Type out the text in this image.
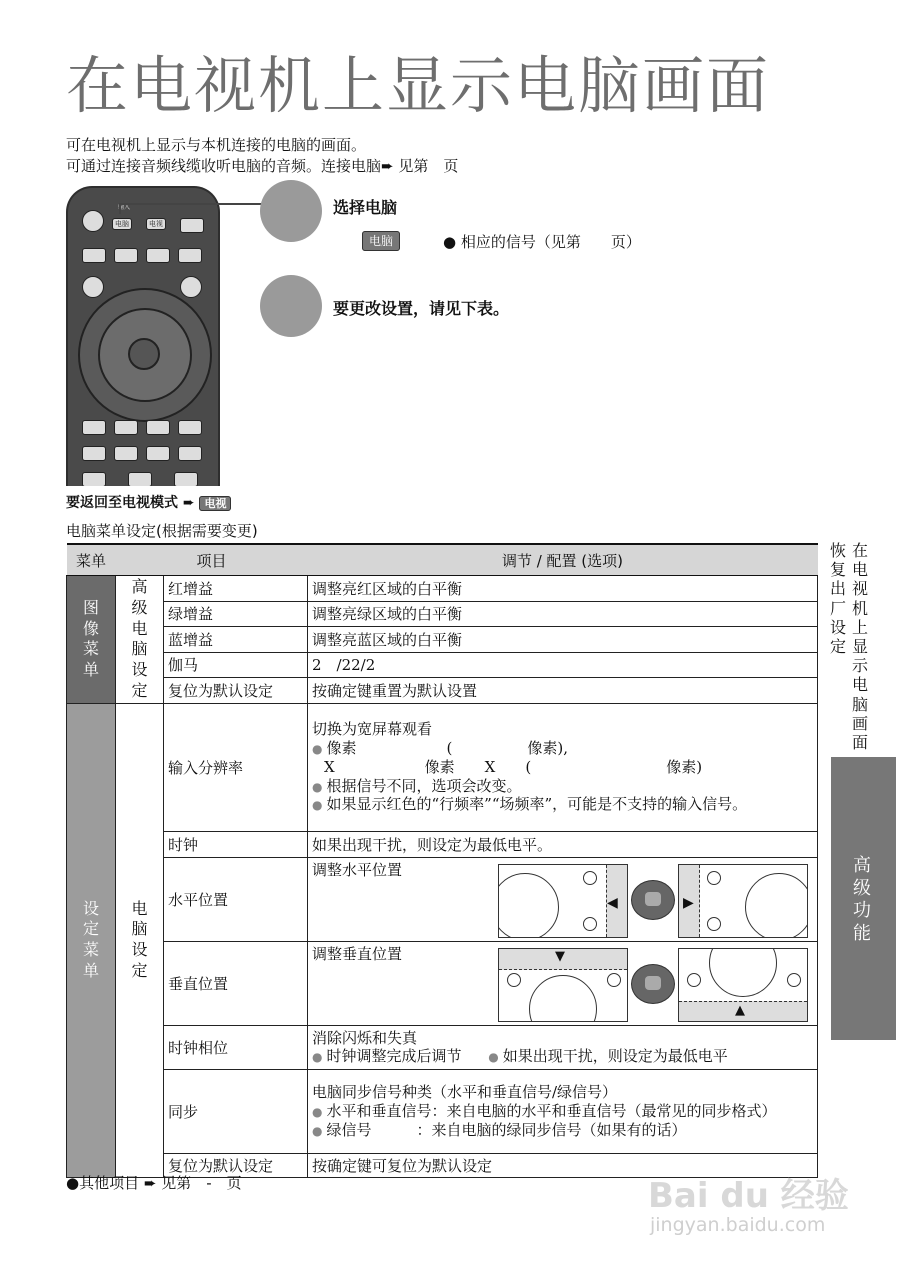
在电视机上显示电脑画面
可在电视机上显示与本机连接的电脑的画面。
可通过连接音频线缆收听电脑的音频。连接电脑➨ 见第　页
输入
电脑	电视
选择电脑
电脑	● 相应的信号（见第　　页）
要更改设置，请见下表。
要返回至电视模式 ➨ 电视
电脑菜单设定(根据需要变更)
菜单	项目		调节 / 配置 (选项)
图像菜单	高级电脑设定	红增益	调整亮红区域的白平衡
		绿增益	调整亮绿区域的白平衡
		蓝增益	调整亮蓝区域的白平衡
		伽马	2　/22/2
		复位为默认设定	按确定键重置为默认设置
设定菜单	电脑设定	输入分辨率	切换为宽屏幕观看
● 像素　　　　　　(　　　　　像素),
X　　　　　　像素　　X　　(　　　　　　　　　像素)
● 根据信号不同，选项会改变。
● 如果显示红色的“行频率”“场频率”，可能是不支持的输入信号。

		时钟	如果出现干扰，则设定为最低电平。
		水平位置	调整水平位置
◀ ▶

		垂直位置	调整垂直位置 ▼
▲

		时钟相位	消除闪烁和失真
● 时钟调整完成后调节 ● 如果出现干扰，则设定为最低电平

		同步	电脑同步信号种类（水平和垂直信号/绿信号）
● 水平和垂直信号：来自电脑的水平和垂直信号（最常见的同步格式）
● 绿信号　　　：来自电脑的绿同步信号（如果有的话）

		复位为默认设定	按确定键可复位为默认设定
●其他项目 ➨ 见第　-　页
恢复出厂设定在电视机上显示电脑画面
高级功能
Bai du 经验
jingyan.baidu.com
